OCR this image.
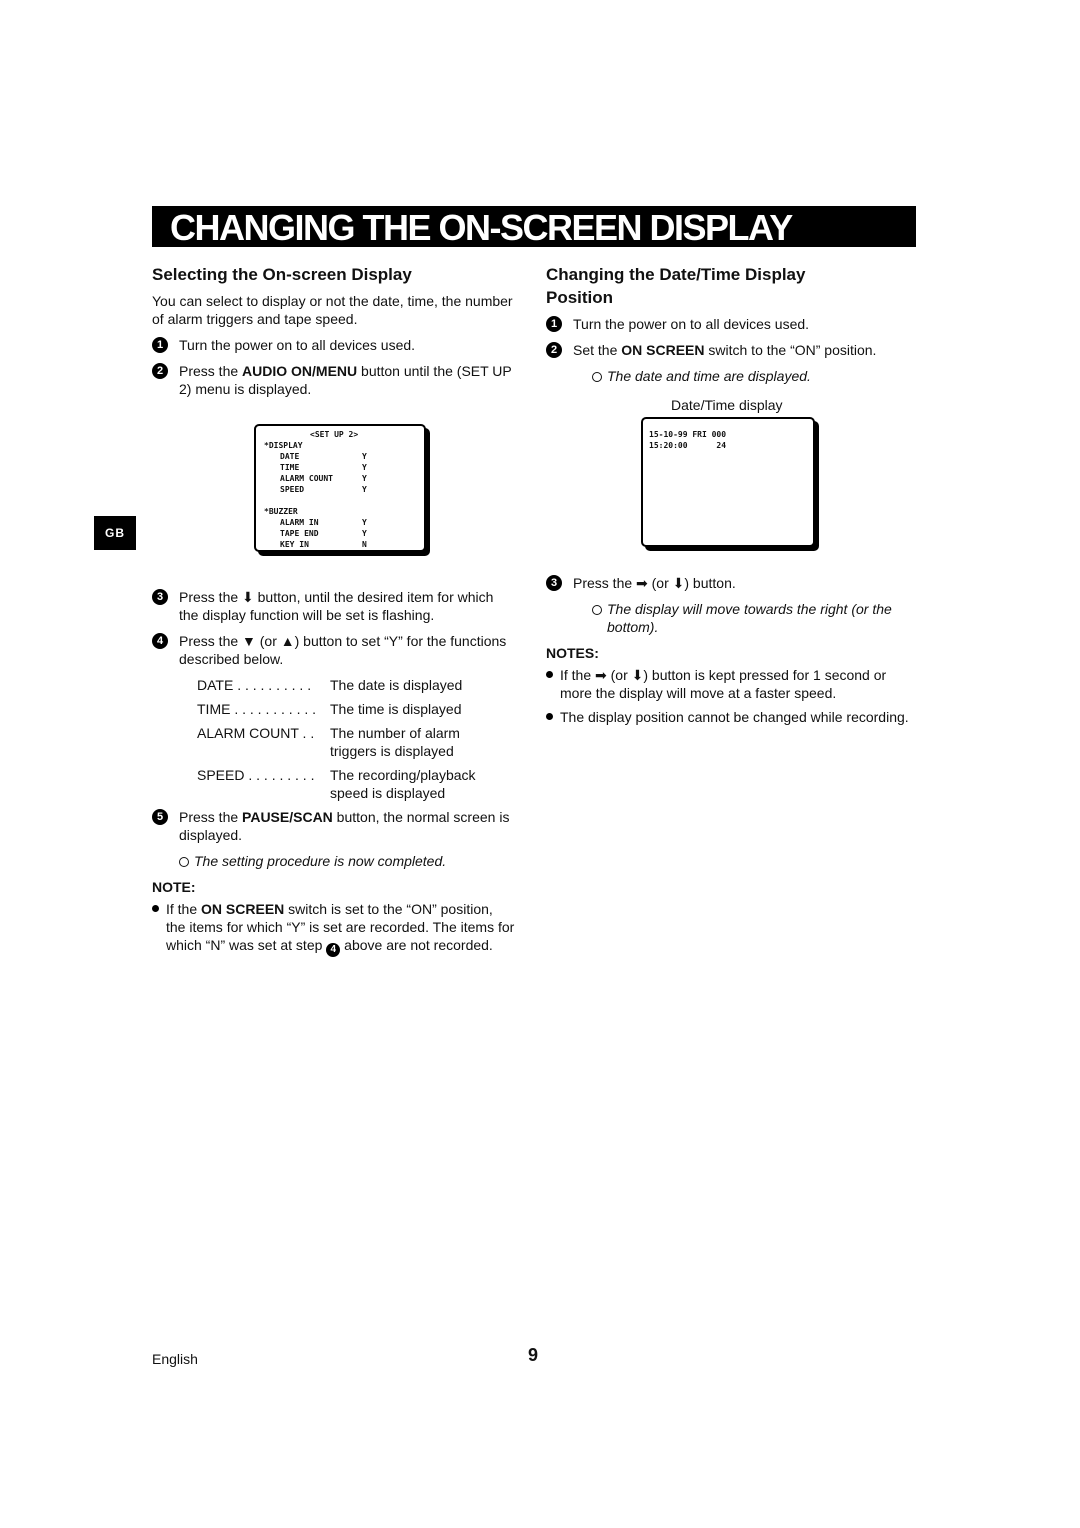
CHANGING THE ON-SCREEN DISPLAY
GB
Selecting the On-screen Display

You can select to display or not the date, time, the number of alarm triggers and tape speed.

1	Turn the power on to all devices used.
2	Press the AUDIO ON/MENU button until the (SET UP 2) menu is displayed.
3	Press the ⬇ button, until the desired item for which the display function will be set is flashing.
4	Press the ▼ (or ▲) button to set “Y” for the functions described below.
DATE . . . . . . . . . .	The date is displayed
TIME . . . . . . . . . . . The time is displayed
ALARM COUNT . .	The number of alarm triggers is displayed
SPEED . . . . . . . . .	The recording/playback speed is displayed
5	Press the PAUSE/SCAN button, the normal screen is displayed.
The setting procedure is now completed.
NOTE:
If the ON SCREEN switch is set to the “ON” position, the items for which “Y” is set are recorded. The items for which “N” was set at step 4 above are not recorded.
<SET UP 2>
*DISPLAY
DATE	Y
TIME	Y
ALARM COUNT	Y
SPEED	Y
*BUZZER
ALARM IN	Y
TAPE END	Y
KEY IN	N
Changing the Date/Time Display Position
1	Turn the power on to all devices used.
2	Set the ON SCREEN switch to the “ON” position.
The date and time are displayed.
Date/Time display
3	Press the ➡ (or ⬇) button.
The display will move towards the right (or the bottom).
NOTES:
If the ➡ (or ⬇) button is kept pressed for 1 second or more the display will move at a faster speed.
The display position cannot be changed while recording.
15-10-99 FRI 000
15:20:00      24
English	9
